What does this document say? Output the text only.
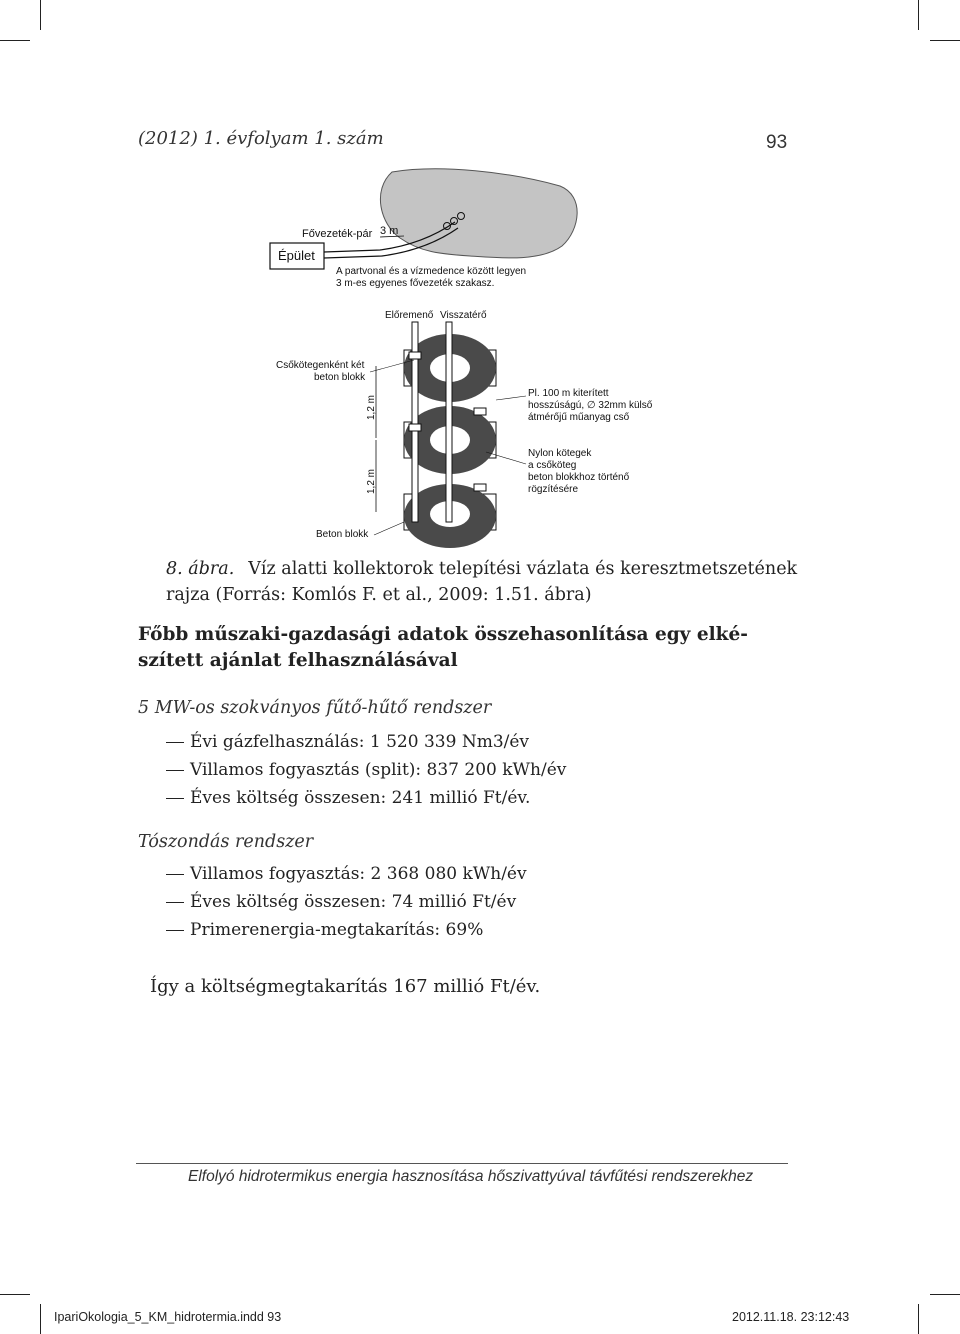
(2012) 1. évfolyam 1. szám	93
Épület
Fővezeték-pár 3 m
A partvonal és a vízmedence között legyen
3 m-es egyenes fővezeték szakasz.
Előremenő Visszatérő
1,2 m
1,2 m
Csőkötegenként két
beton blokk
Pl. 100 m kiterített
hosszúságú, ∅ 32mm külső
átmérőjű műanyag cső
Nylon kötegek
a csőköteg
beton blokkhoz történő
rögzítésére
Beton blokk
8. ábra. Víz alatti kollektorok telepítési vázlata és keresztmetszetének rajza (Forrás: Komlós F. et al., 2009: 1.51. ábra)
Főbb műszaki-gazdasági adatok összehasonlítása egy elké-szített ajánlat felhasználásával
5 MW-os szokványos fűtő-hűtő rendszer
Évi gázfelhasználás: 1 520 339 Nm3/év
Villamos fogyasztás (split): 837 200 kWh/év
Éves költség összesen: 241 millió Ft/év.
Tószondás rendszer
Villamos fogyasztás: 2 368 080 kWh/év
Éves költség összesen: 74 millió Ft/év
Primerenergia-megtakarítás: 69%
Így a költségmegtakarítás 167 millió Ft/év.
Elfolyó hidrotermikus energia hasznosítása hőszivattyúval távfűtési rendszerekhez
IpariOkologia_5_KM_hidrotermia.indd 93	2012.11.18. 23:12:43
